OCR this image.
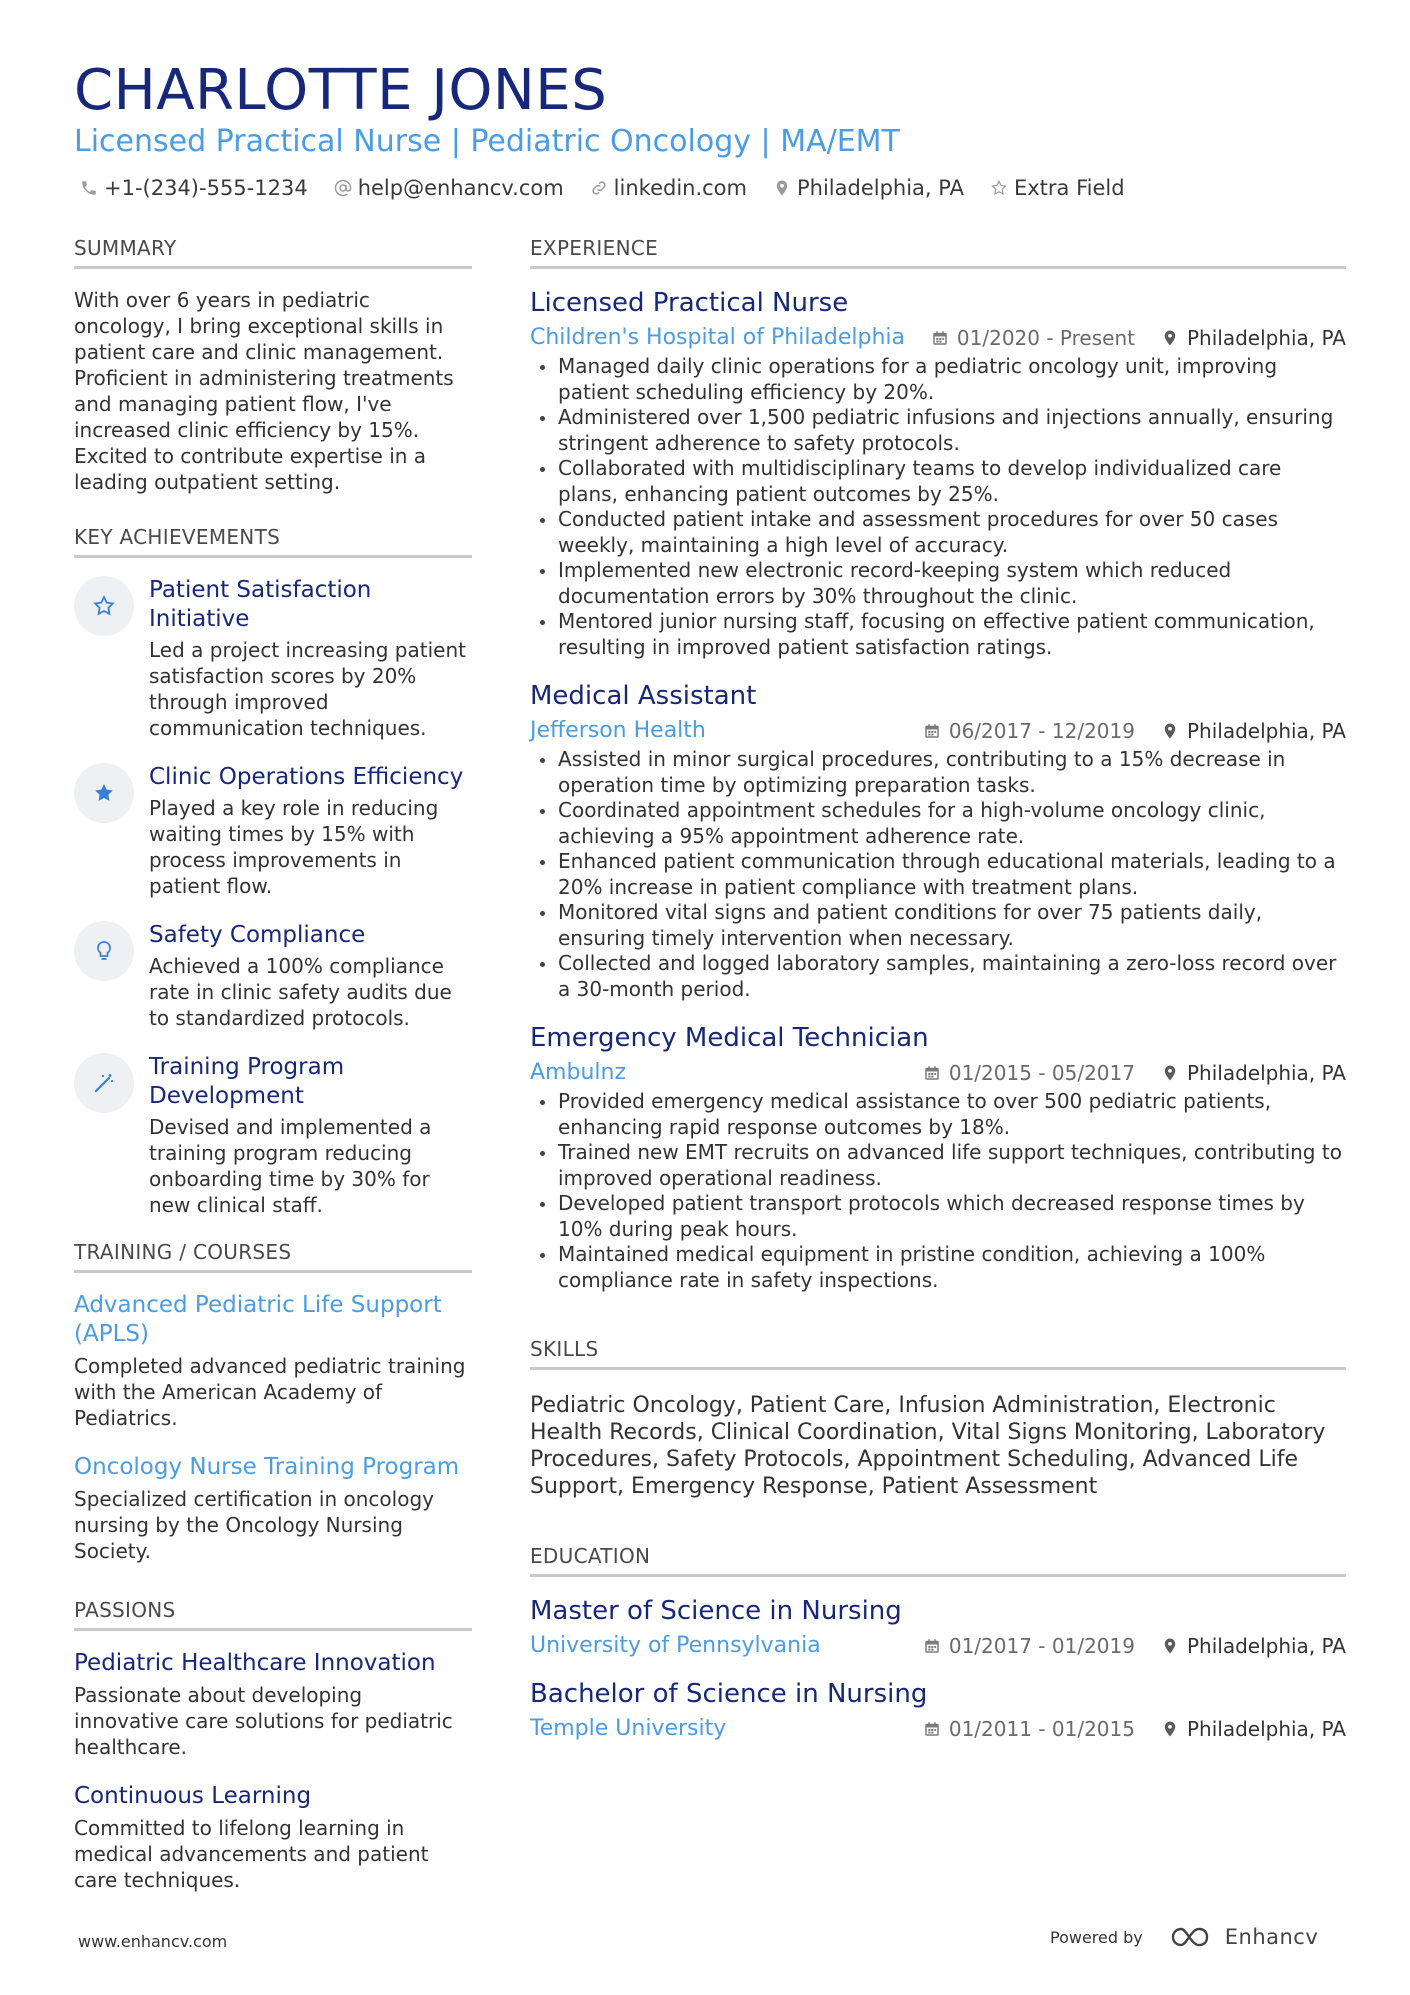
CHARLOTTE JONES
Licensed Practical Nurse | Pediatric Oncology | MA/EMT
+1-(234)-555-1234 help@enhancv.com linkedin.com Philadelphia, PA Extra Field
SUMMARY

With over 6 years in pediatric oncology, I bring exceptional skills in patient care and clinic management. Proficient in administering treatments and managing patient flow, I've increased clinic efficiency by 15%. Excited to contribute expertise in a leading outpatient setting.

KEY ACHIEVEMENTS
Patient Satisfaction Initiative
Led a project increasing patient satisfaction scores by 20% through improved communication techniques.
Clinic Operations Efficiency
Played a key role in reducing waiting times by 15% with process improvements in patient flow.
Safety Compliance
Achieved a 100% compliance rate in clinic safety audits due to standardized protocols.
Training Program Development
Devised and implemented a training program reducing onboarding time by 30% for new clinical staff.
TRAINING / COURSES
Advanced Pediatric Life Support (APLS)
Completed advanced pediatric training with the American Academy of Pediatrics.
Oncology Nurse Training Program
Specialized certification in oncology nursing by the Oncology Nursing Society.
PASSIONS
Pediatric Healthcare Innovation
Passionate about developing innovative care solutions for pediatric healthcare.
Continuous Learning
Committed to lifelong learning in medical advancements and patient care techniques.
EXPERIENCE
Licensed Practical Nurse
Children's Hospital of Philadelphia	01/2020 - Present	Philadelphia, PA
Managed daily clinic operations for a pediatric oncology unit, improving patient scheduling efficiency by 20%.
Administered over 1,500 pediatric infusions and injections annually, ensuring stringent adherence to safety protocols.
Collaborated with multidisciplinary teams to develop individualized care plans, enhancing patient outcomes by 25%.
Conducted patient intake and assessment procedures for over 50 cases weekly, maintaining a high level of accuracy.
Implemented new electronic record-keeping system which reduced documentation errors by 30% throughout the clinic.
Mentored junior nursing staff, focusing on effective patient communication, resulting in improved patient satisfaction ratings.
Medical Assistant
Jefferson Health	06/2017 - 12/2019	Philadelphia, PA
Assisted in minor surgical procedures, contributing to a 15% decrease in operation time by optimizing preparation tasks.
Coordinated appointment schedules for a high-volume oncology clinic, achieving a 95% appointment adherence rate.
Enhanced patient communication through educational materials, leading to a 20% increase in patient compliance with treatment plans.
Monitored vital signs and patient conditions for over 75 patients daily, ensuring timely intervention when necessary.
Collected and logged laboratory samples, maintaining a zero-loss record over a 30-month period.
Emergency Medical Technician
Ambulnz	01/2015 - 05/2017	Philadelphia, PA
Provided emergency medical assistance to over 500 pediatric patients, enhancing rapid response outcomes by 18%.
Trained new EMT recruits on advanced life support techniques, contributing to improved operational readiness.
Developed patient transport protocols which decreased response times by 10% during peak hours.
Maintained medical equipment in pristine condition, achieving a 100% compliance rate in safety inspections.
SKILLS

Pediatric Oncology, Patient Care, Infusion Administration, Electronic Health Records, Clinical Coordination, Vital Signs Monitoring, Laboratory Procedures, Safety Protocols, Appointment Scheduling, Advanced Life Support, Emergency Response, Patient Assessment

EDUCATION
Master of Science in Nursing
University of Pennsylvania	01/2017 - 01/2019	Philadelphia, PA
Bachelor of Science in Nursing
Temple University	01/2011 - 01/2015	Philadelphia, PA
www.enhancv.com	Powered by	Enhancv
